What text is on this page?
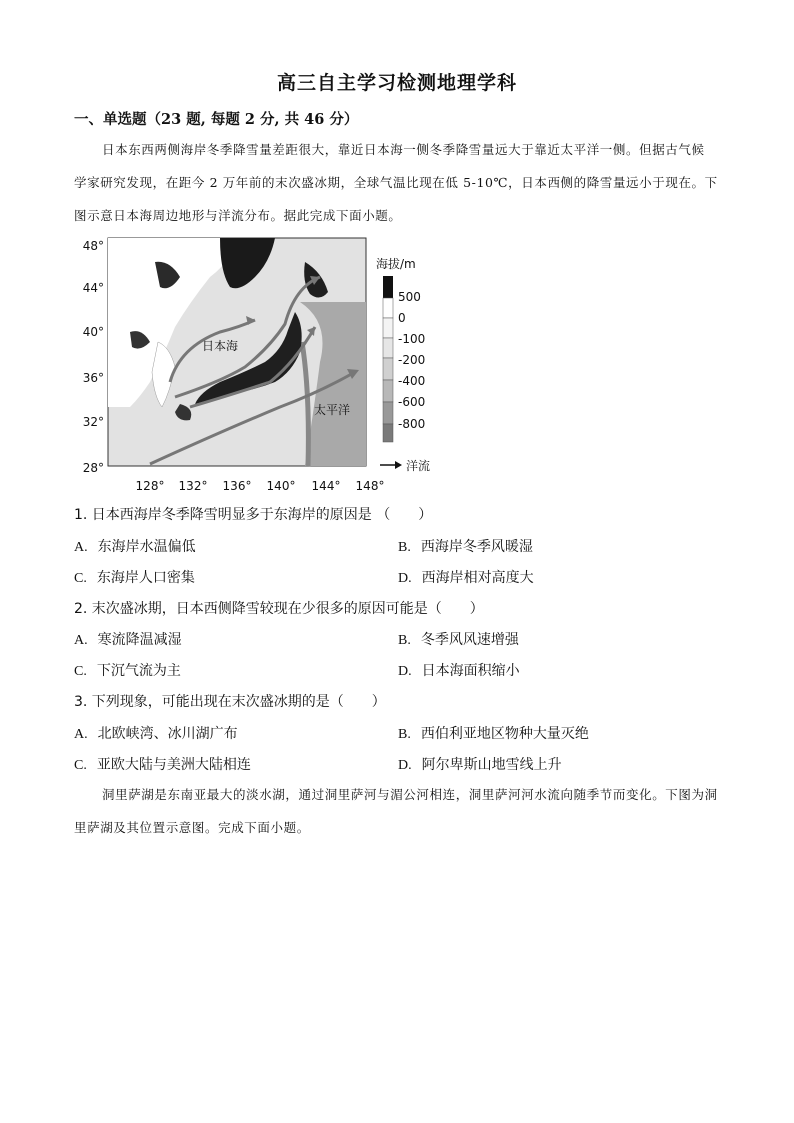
高三自主学习检测地理学科
一、单选题（23 题, 每题 2 分, 共 46 分）
日本东西两侧海岸冬季降雪量差距很大，靠近日本海一侧冬季降雪量远大于靠近太平洋一侧。但据古气候 学家研究发现，在距今 2 万年前的末次盛冰期，全球气温比现在低 5-10℃，日本西侧的降雪量远小于现在。下图示意日本海周边地形与洋流分布。据此完成下面小题。
日本海
太平洋
48°
44°
40°
36°
32°
28°
128° 132° 136° 140° 144° 148°
海拔/m
500
0
-100
-200
-400
-600
-800
洋流
1. 日本西海岸冬季降雪明显多于东海岸的原因是 （　　）
A. 东海岸水温偏低	B. 西海岸冬季风暖湿
C. 东海岸人口密集	D. 西海岸相对高度大
2. 末次盛冰期，日本西侧降雪较现在少很多的原因可能是（　　）
A. 寒流降温减湿	B. 冬季风风速增强
C. 下沉气流为主	D. 日本海面积缩小
3. 下列现象，可能出现在末次盛冰期的是（　　）
A. 北欧峡湾、冰川湖广布	B. 西伯利亚地区物种大量灭绝
C. 亚欧大陆与美洲大陆相连	D. 阿尔卑斯山地雪线上升
洞里萨湖是东南亚最大的淡水湖，通过洞里萨河与湄公河相连，洞里萨河河水流向随季节而变化。下图为洞里萨湖及其位置示意图。完成下面小题。
